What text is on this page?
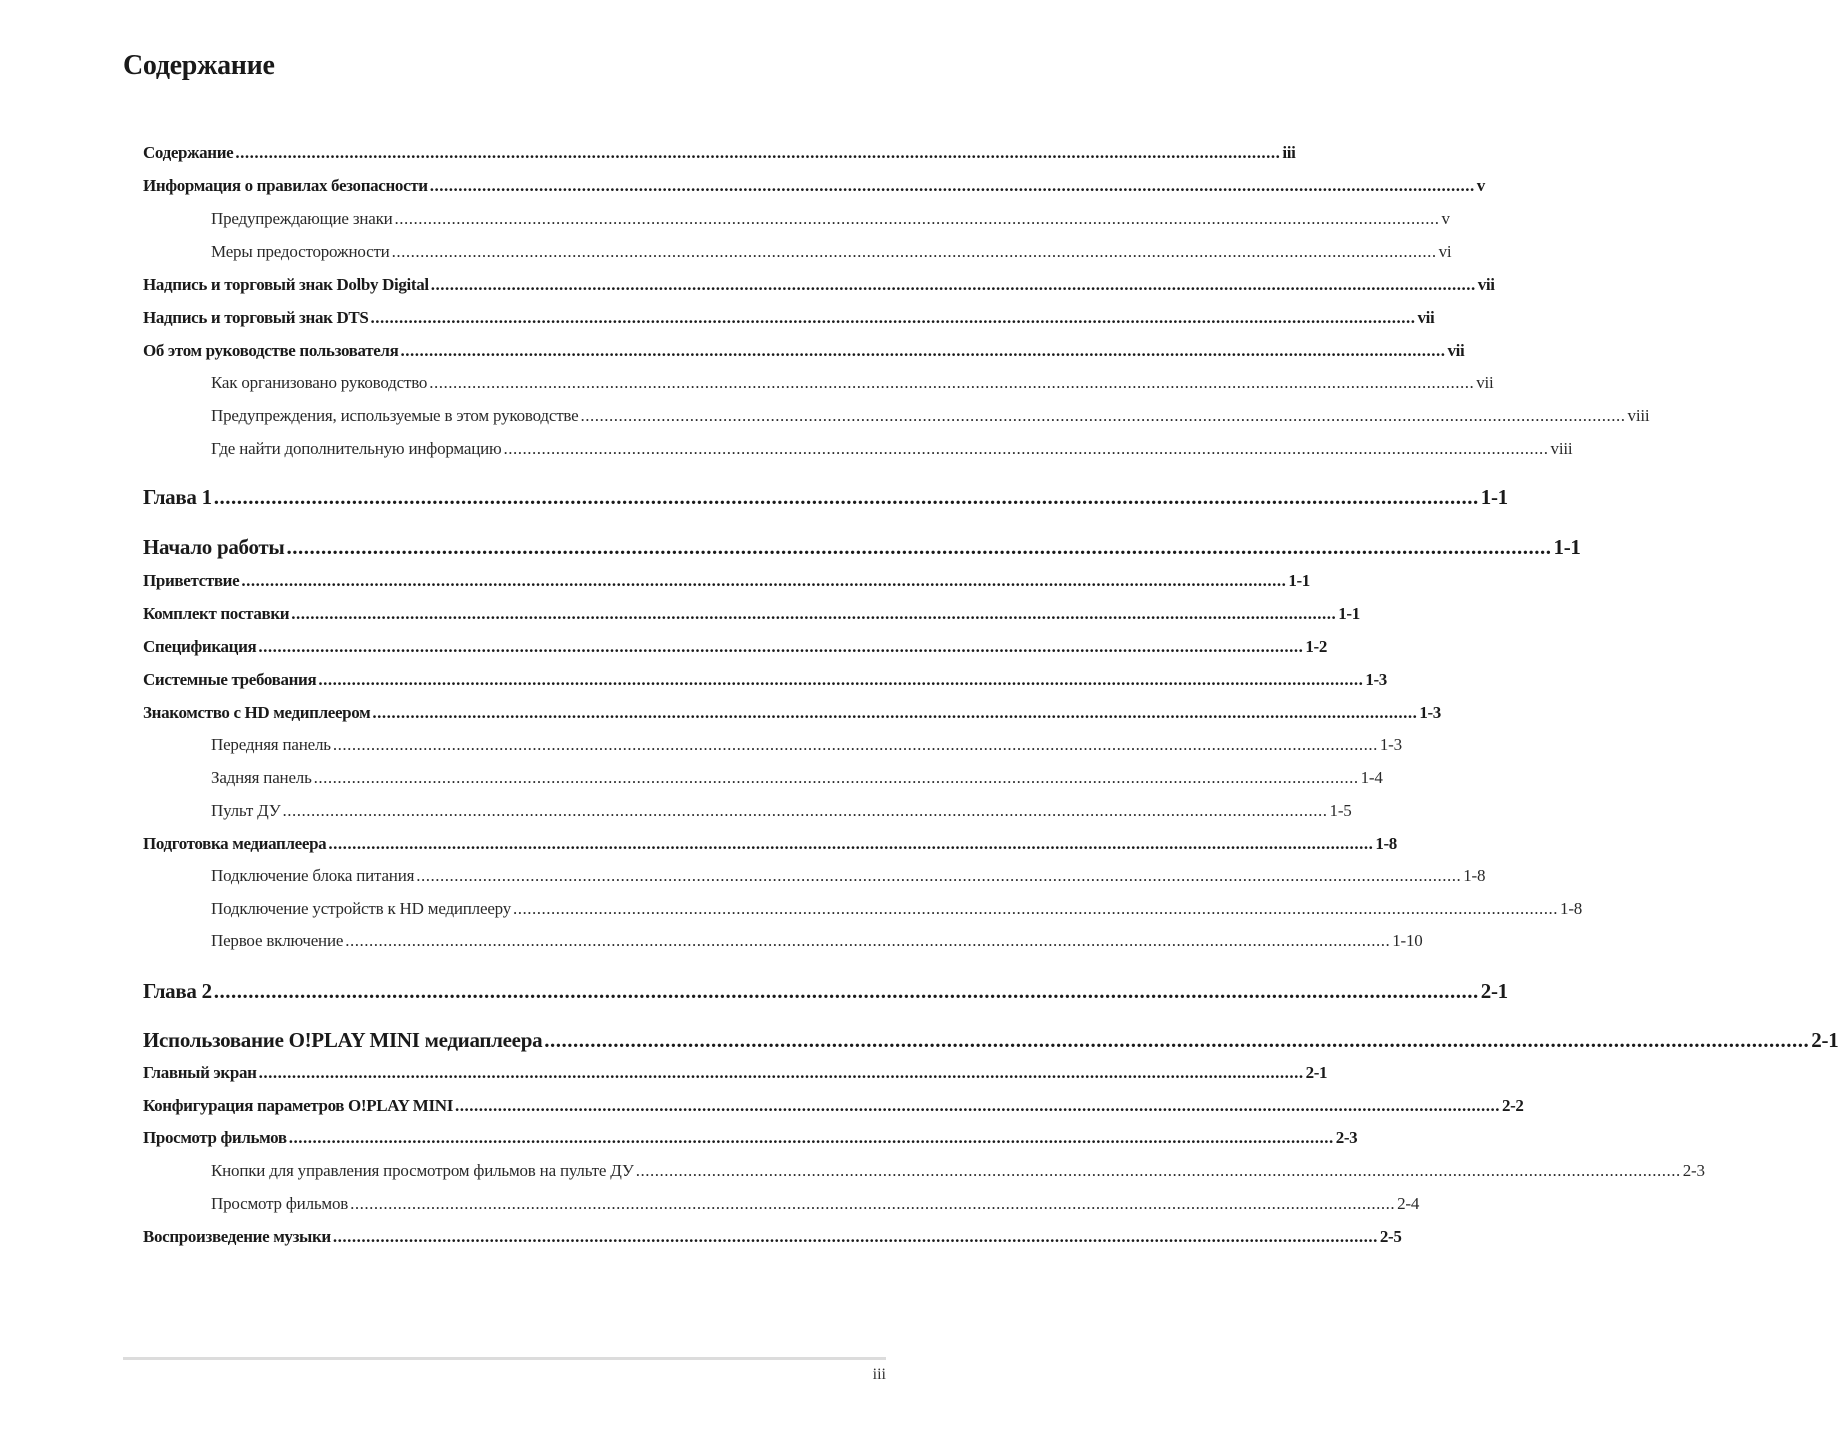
Содержание
Содержание ............................................................................................................................................................................................................................ iii
Информация о правилах безопасности ............................................................................................................................................................................................................................ v
Предупреждающие знаки ............................................................................................................................................................................................................................ v
Меры предосторожности ............................................................................................................................................................................................................................ vi
Надпись и торговый знак Dolby Digital ............................................................................................................................................................................................................................ vii
Надпись и торговый знак DTS ............................................................................................................................................................................................................................ vii
Об этом руководстве пользователя ............................................................................................................................................................................................................................ vii
Как организовано руководство ............................................................................................................................................................................................................................ vii
Предупреждения, используемые в этом руководстве ............................................................................................................................................................................................................................ viii
Где найти дополнительную информацию ............................................................................................................................................................................................................................ viii
Глава 1 ............................................................................................................................................................................................................................ 1-1
Начало работы ............................................................................................................................................................................................................................ 1-1
Приветствие ............................................................................................................................................................................................................................ 1-1
Комплект поставки ............................................................................................................................................................................................................................ 1-1
Спецификация ............................................................................................................................................................................................................................ 1-2
Системные требования ............................................................................................................................................................................................................................ 1-3
Знакомство с HD медиплеером ............................................................................................................................................................................................................................ 1-3
Передняя панель ............................................................................................................................................................................................................................ 1-3
Задняя панель ............................................................................................................................................................................................................................ 1-4
Пульт ДУ ............................................................................................................................................................................................................................ 1-5
Подготовка медиаплеера ............................................................................................................................................................................................................................ 1-8
Подключение блока питания ............................................................................................................................................................................................................................ 1-8
Подключение устройств к HD медиплееру ............................................................................................................................................................................................................................ 1-8
Первое включение ............................................................................................................................................................................................................................ 1-10
Глава 2 ............................................................................................................................................................................................................................ 2-1
Использование O!PLAY MINI медиаплеера ............................................................................................................................................................................................................................ 2-1
Главный экран ............................................................................................................................................................................................................................ 2-1
Конфигурация параметров O!PLAY MINI ............................................................................................................................................................................................................................ 2-2
Просмотр фильмов ............................................................................................................................................................................................................................ 2-3
Кнопки для управления просмотром фильмов на пульте ДУ ............................................................................................................................................................................................................................ 2-3
Просмотр фильмов ............................................................................................................................................................................................................................ 2-4
Воспроизведение музыки ............................................................................................................................................................................................................................ 2-5
iii
